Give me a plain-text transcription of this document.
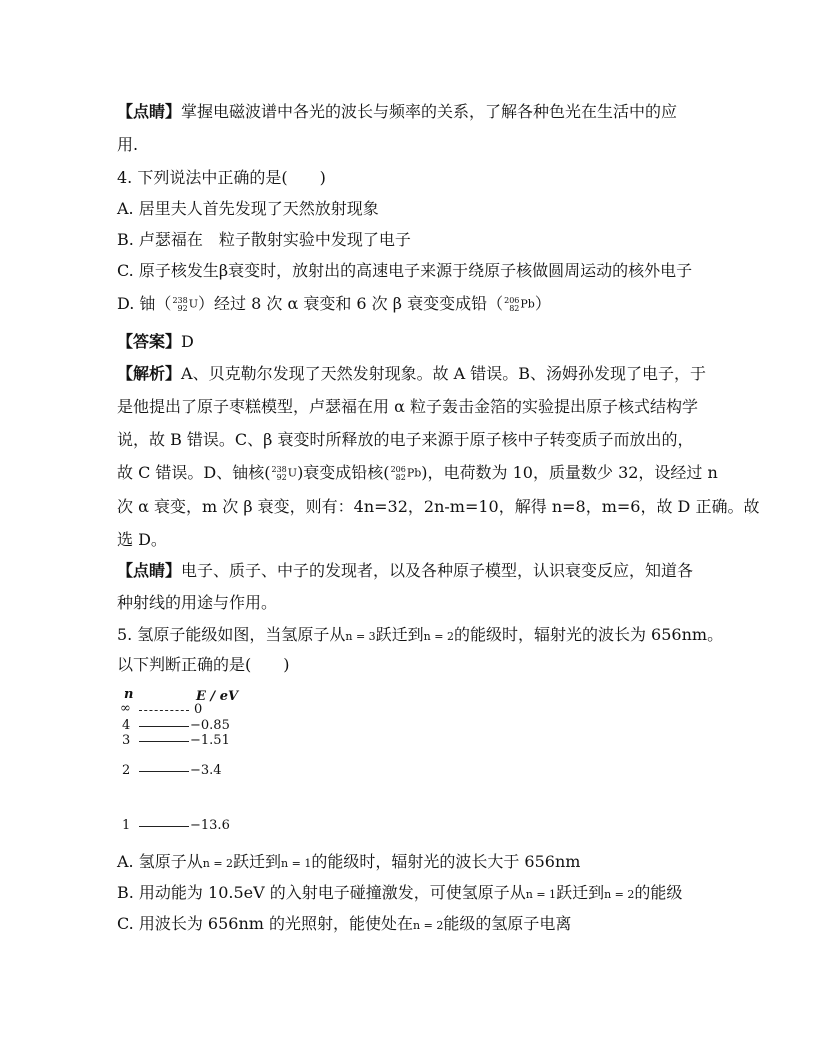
【点睛】掌握电磁波谱中各光的波长与频率的关系，了解各种色光在生活中的应
用.
4. 下列说法中正确的是(　　)
A. 居里夫人首先发现了天然放射现象
B. 卢瑟福在　粒子散射实验中发现了电子
C. 原子核发生β衰变时，放射出的高速电子来源于绕原子核做圆周运动的核外电子
D. 铀（ 238
92 U）经过 8 次 α 衰变和 6 次 β 衰变变成铅（ 206
82 Pb）
【答案】D
【解析】A、贝克勒尔发现了天然发射现象。故 A 错误。B、汤姆孙发现了电子，于
是他提出了原子枣糕模型，卢瑟福在用 α 粒子轰击金箔的实验提出原子核式结构学
说，故 B 错误。C、β 衰变时所释放的电子来源于原子核中子转变质子而放出的，
故 C 错误。D、铀核( 238
92 U)衰变成铅核( 206
82 Pb)，电荷数为 10，质量数少 32，设经过 n
次 α 衰变，m 次 β 衰变，则有：4n=32，2n-m=10，解得 n=8，m=6，故 D 正确。故
选 D。
【点睛】电子、质子、中子的发现者，以及各种原子模型，认识衰变反应，知道各
种射线的用途与作用。
5. 氢原子能级如图，当氢原子从n = 3跃迁到n = 2的能级时，辐射光的波长为 656nm。
以下判断正确的是(　　)
n	E / eV
∞	0
4	−0.85
3	−1.51
2	−3.4
1	−13.6
A. 氢原子从n = 2跃迁到n = 1的能级时，辐射光的波长大于 656nm
B. 用动能为 10.5eV 的入射电子碰撞激发，可使氢原子从n = 1跃迁到n = 2的能级
C. 用波长为 656nm 的光照射，能使处在n = 2能级的氢原子电离
